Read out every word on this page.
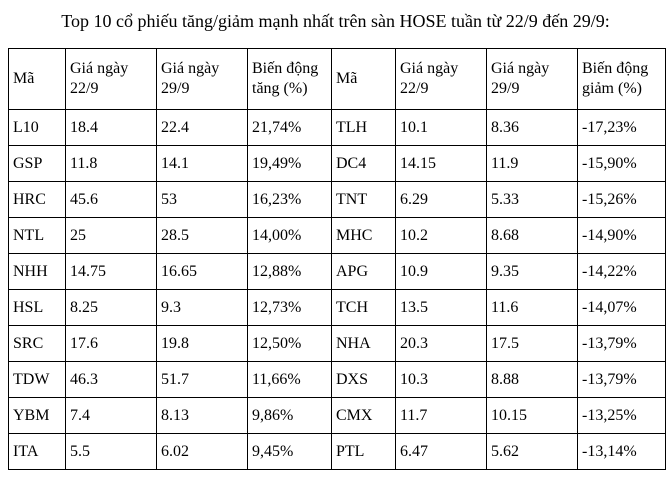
Top 10 cổ phiếu tăng/giảm mạnh nhất trên sàn HOSE tuần từ 22/9 đến 29/9:
Mã	Giá ngày 22/9	Giá ngày 29/9	Biến động tăng (%)	Mã	Giá ngày 22/9	Giá ngày 29/9	Biến động giảm (%)
L10	18.4	22.4	21,74%	TLH	10.1	8.36	-17,23%
GSP	11.8	14.1	19,49%	DC4	14.15	11.9	-15,90%
HRC	45.6	53	16,23%	TNT	6.29	5.33	-15,26%
NTL	25	28.5	14,00%	MHC	10.2	8.68	-14,90%
NHH	14.75	16.65	12,88%	APG	10.9	9.35	-14,22%
HSL	8.25	9.3	12,73%	TCH	13.5	11.6	-14,07%
SRC	17.6	19.8	12,50%	NHA	20.3	17.5	-13,79%
TDW	46.3	51.7	11,66%	DXS	10.3	8.88	-13,79%
YBM	7.4	8.13	9,86%	CMX	11.7	10.15	-13,25%
ITA	5.5	6.02	9,45%	PTL	6.47	5.62	-13,14%
